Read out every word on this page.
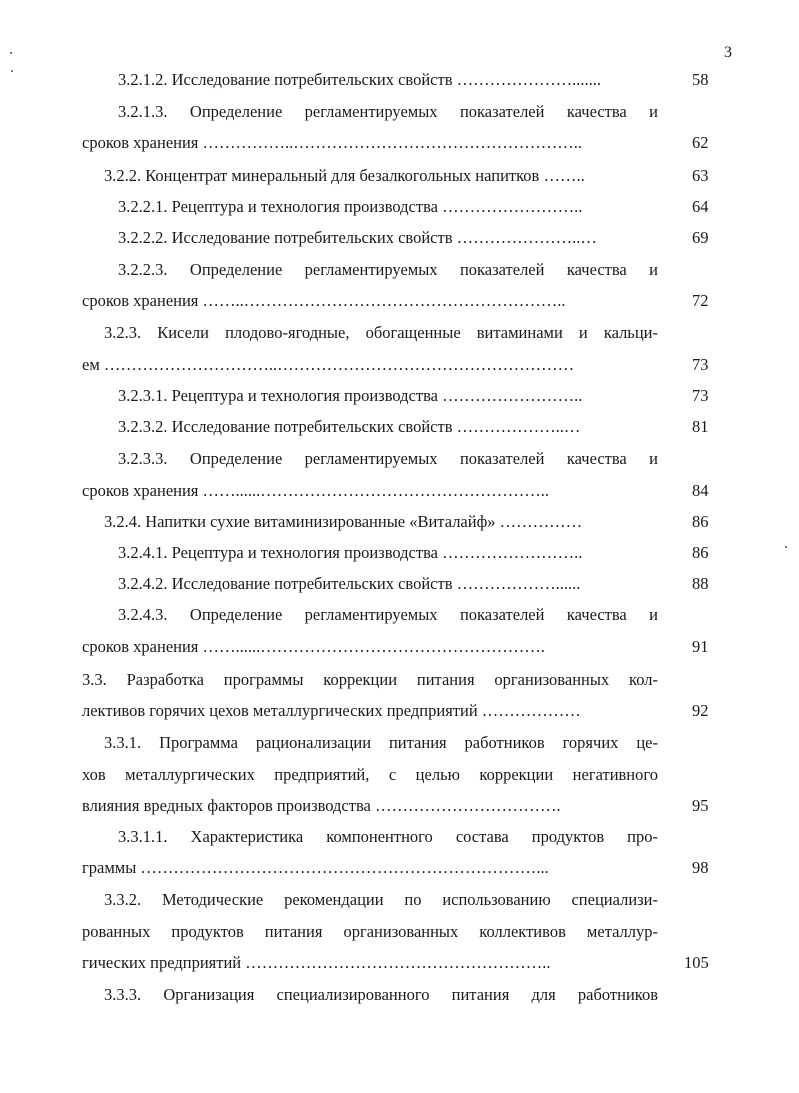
3
3.2.1.2. Исследование потребительских свойств ………………….......	58
3.2.1.3. Определение регламентируемых показателей качества и
сроков хранения ……………..……………………………………………..	62
3.2.2. Концентрат минеральный для безалкогольных напитков ……..	63
3.2.2.1. Рецептура и технология производства ……………………..	64
3.2.2.2. Исследование потребительских свойств …………………..…	69
3.2.2.3. Определение регламентируемых показателей качества и
сроков хранения ……..…………………………………………………..	72
3.2.3. Кисели плодово-ягодные, обогащенные витаминами и кальци-
ем …………………………..………………………………………………	73
3.2.3.1. Рецептура и технология производства ……………………..	73
3.2.3.2. Исследование потребительских свойств ………………..…	81
3.2.3.3. Определение регламентируемых показателей качества и
сроков хранения ……......……………………………………………..	84
3.2.4. Напитки сухие витаминизированные «Виталайф» ……………	86
3.2.4.1. Рецептура и технология производства ……………………..	86
3.2.4.2. Исследование потребительских свойств ………………......	88
3.2.4.3. Определение регламентируемых показателей качества и
сроков хранения ……......…………………………………………….	91
3.3. Разработка программы коррекции питания организованных кол-
лективов горячих цехов металлургических предприятий ………………	92
3.3.1. Программа рационализации питания работников горячих це-
хов металлургических предприятий, с целью коррекции негативного
влияния вредных факторов производства …………………………….	95
3.3.1.1. Характеристика компонентного состава продуктов про-
граммы ………………………………………………………………...	98
3.3.2. Методические рекомендации по использованию специализи-
рованных продуктов питания организованных коллективов металлур-
гических предприятий ………………………………………………..	105
3.3.3. Организация специализированного питания для работников
